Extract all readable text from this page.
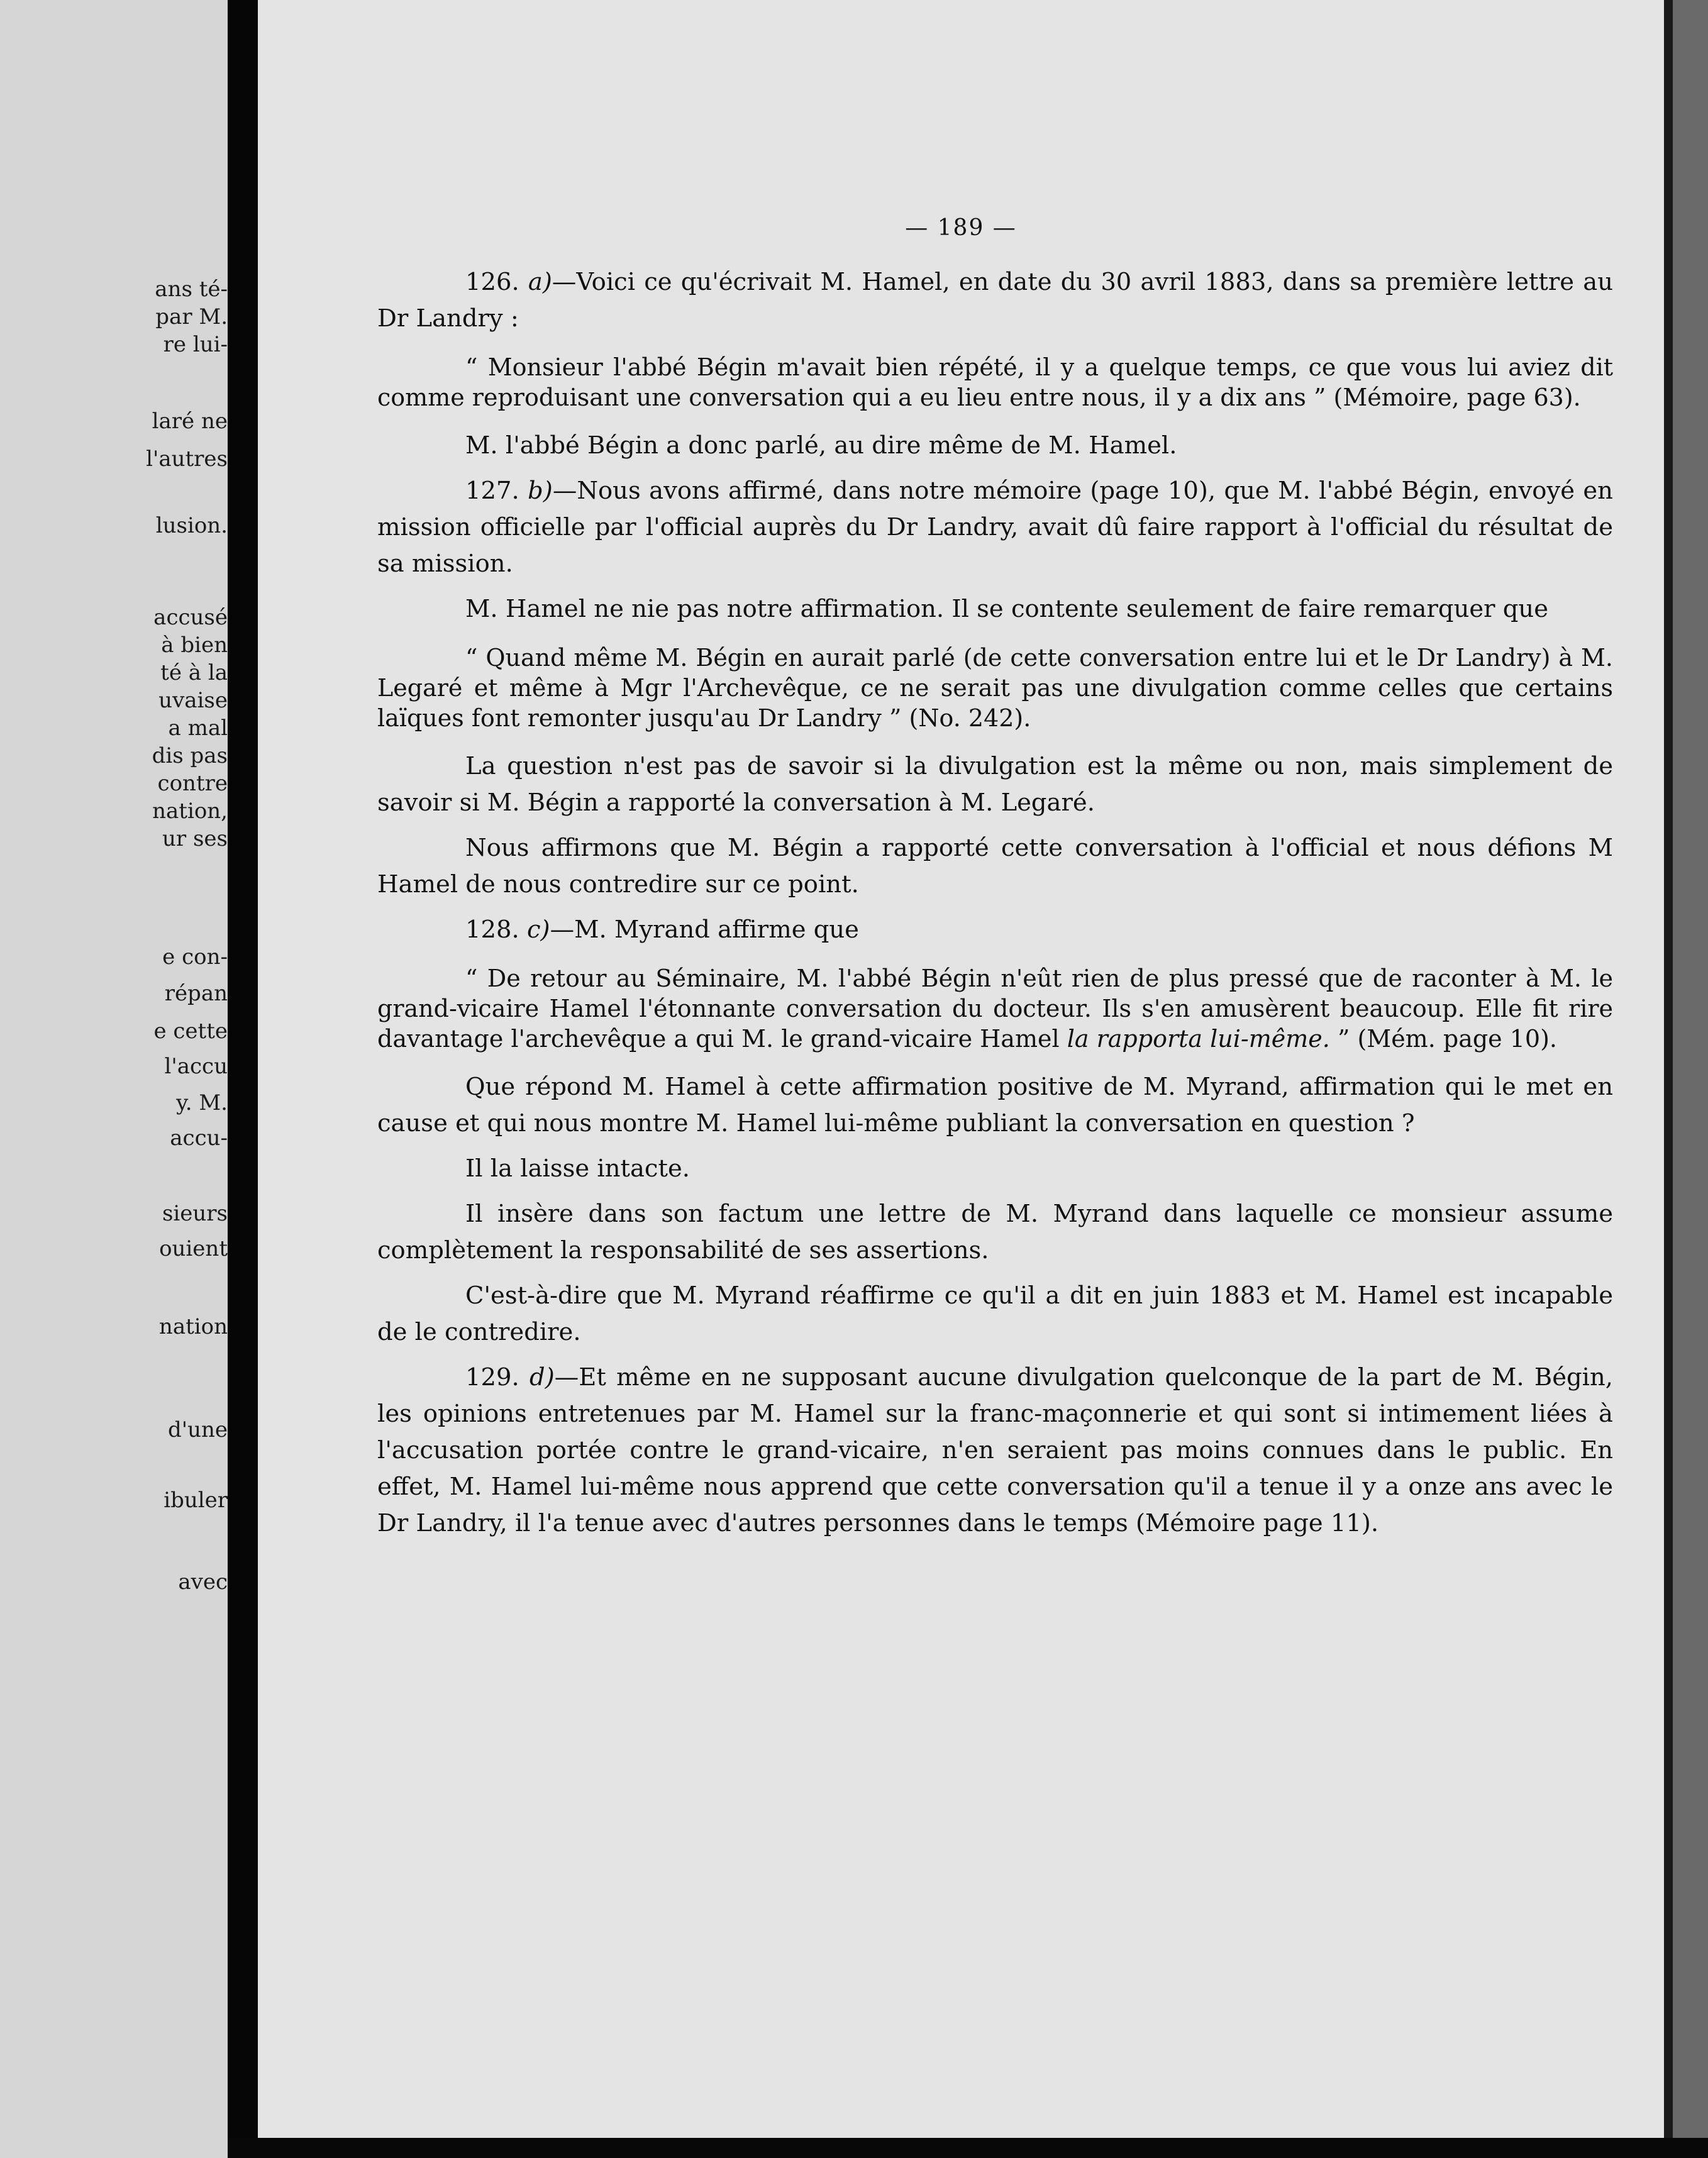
ans té-
par M.
re lui-
laré ne
l'autres
lusion.
accusé
à bien
té à la
uvaise
a mal
dis pas
contre
nation,
ur ses
e con-
répan
e cette
l'accu
y. M.
accu-
sieurs
ouient
nation
d'une
ibuler
avec
— 189 —

126. a)—Voici ce qu'écrivait M. Hamel, en date du 30 avril 1883, dans sa première lettre au Dr Landry :

“ Monsieur l'abbé Bégin m'avait bien répété, il y a quelque temps, ce que vous lui aviez dit comme reproduisant une conversation qui a eu lieu entre nous, il y a dix ans ” (Mémoire, page 63).

M. l'abbé Bégin a donc parlé, au dire même de M. Hamel.

127. b)—Nous avons affirmé, dans notre mémoire (page 10), que M. l'abbé Bégin, envoyé en mission officielle par l'official auprès du Dr Landry, avait dû faire rapport à l'official du résultat de sa mission.

M. Hamel ne nie pas notre affirmation. Il se contente seulement de faire remarquer que

“ Quand même M. Bégin en aurait parlé (de cette conversation entre lui et le Dr Landry) à M. Legaré et même à Mgr l'Archevêque, ce ne serait pas une divulgation comme celles que certains laïques font remonter jusqu'au Dr Landry ” (No. 242).

La question n'est pas de savoir si la divulgation est la même ou non, mais simplement de savoir si M. Bégin a rapporté la conversation à M. Legaré.

Nous affirmons que M. Bégin a rapporté cette conversation à l'official et nous défions M Hamel de nous contredire sur ce point.

128. c)—M. Myrand affirme que

“ De retour au Séminaire, M. l'abbé Bégin n'eût rien de plus pressé que de raconter à M. le grand-vicaire Hamel l'étonnante conversation du docteur. Ils s'en amusèrent beaucoup. Elle fit rire davantage l'archevêque a qui M. le grand-vicaire Hamel la rapporta lui-même. ” (Mém. page 10).

Que répond M. Hamel à cette affirmation positive de M. Myrand, affirmation qui le met en cause et qui nous montre M. Hamel lui-même publiant la conversation en question ?

Il la laisse intacte.

Il insère dans son factum une lettre de M. Myrand dans laquelle ce monsieur assume complètement la responsabilité de ses assertions.

C'est-à-dire que M. Myrand réaffirme ce qu'il a dit en juin 1883 et M. Hamel est incapable de le contredire.

129. d)—Et même en ne supposant aucune divulgation quelconque de la part de M. Bégin, les opinions entretenues par M. Hamel sur la franc-maçonnerie et qui sont si intimement liées à l'accusation portée contre le grand-vicaire, n'en seraient pas moins connues dans le public. En effet, M. Hamel lui-même nous apprend que cette conversation qu'il a tenue il y a onze ans avec le Dr Landry, il l'a tenue avec d'autres personnes dans le temps (Mémoire page 11).
